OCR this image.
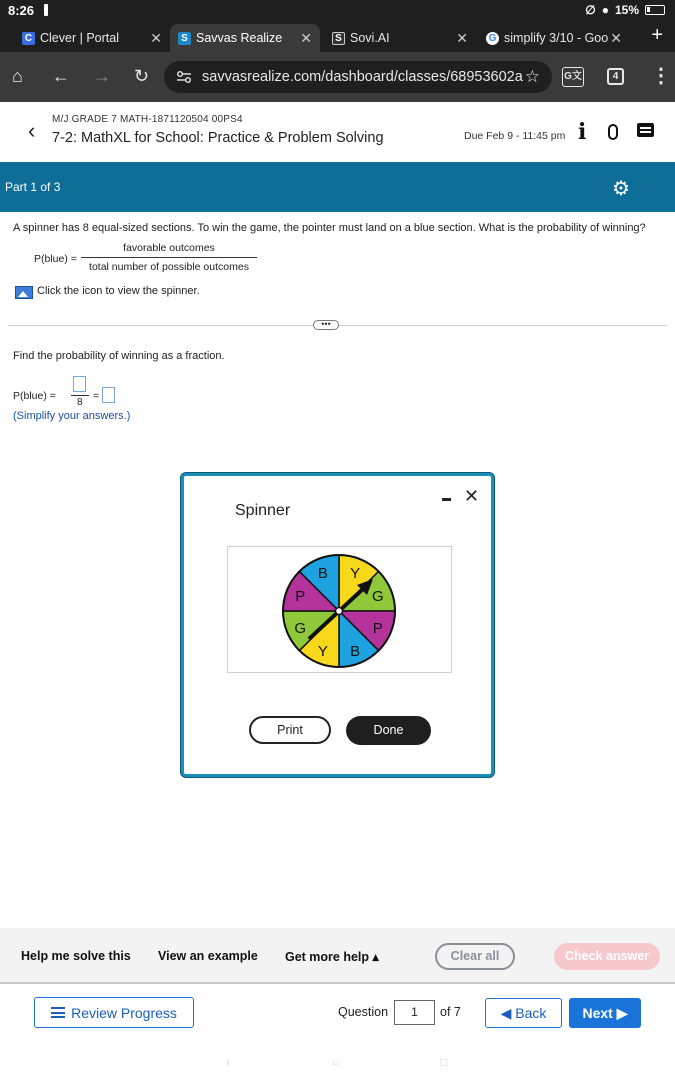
8:26	∅ ● 15%
C Clever | Portal ✕	S Savvas Realize ✕	S Sovi.AI	✕ G simplify 3/10 - Goo ✕ +
⌂ ← → ↻	savvasrealize.com/dashboard/classes/68953602a ☆ G文	4 ⋮
‹ M/J GRADE 7 MATH-1871120504 00PS4
7-2: MathXL for School: Practice & Problem Solving	Due Feb 9 - 11:45 pm i
Part 1 of 3	⚙
A spinner has 8 equal-sized sections. To win the game, the pointer must land on a blue section. What is the probability of winning?
P(blue) =
favorable outcomes
total number of possible outcomes
Click the icon to view the spinner.
•••
Find the probability of winning as a fraction.
P(blue) =
8
=
(Simplify your answers.)
Spinner
✕
Y
G
P
B
Y
G
P
B
Print	Done
Help me solve this View an example Get more help ▴	Clear all	Check answer
Review Progress	Question	1	of 7	◀ Back	Next ▶
‹	○	□
